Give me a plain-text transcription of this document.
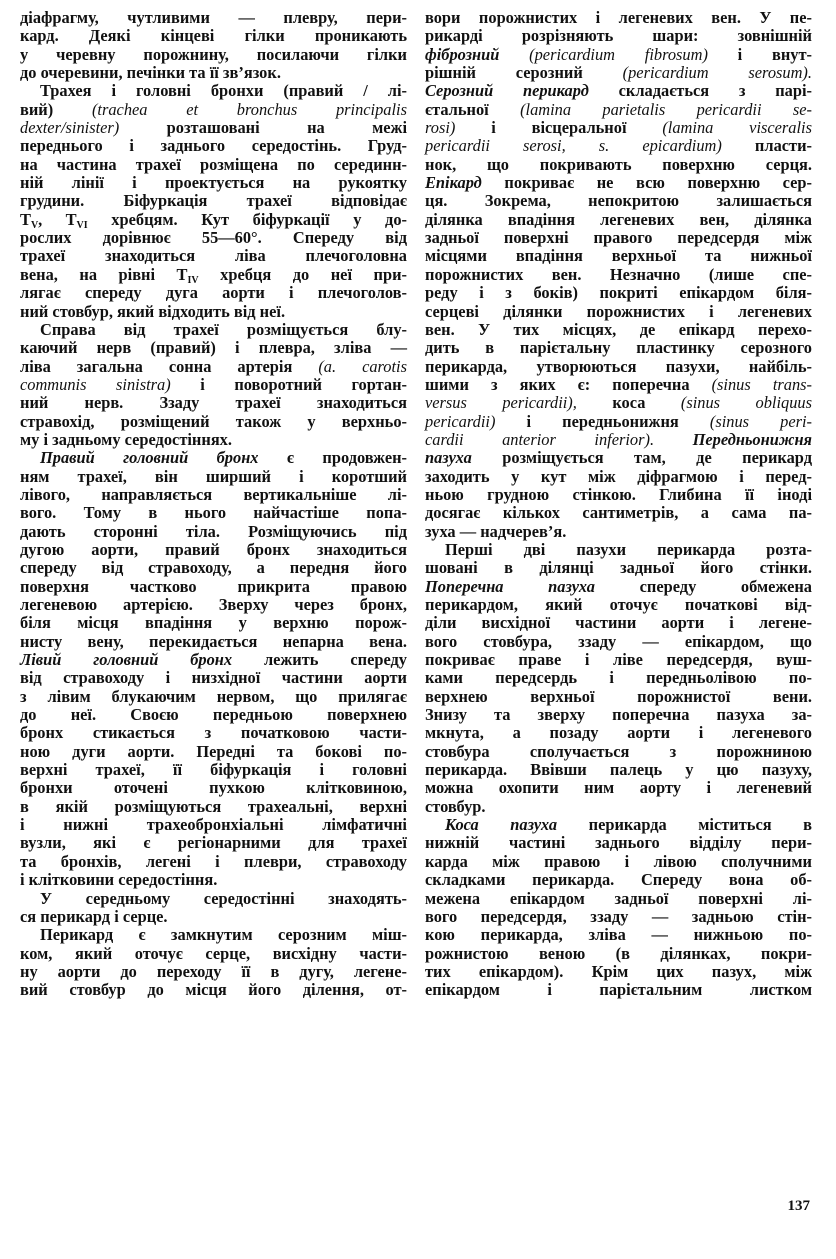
діафрагму, чутливими — плевру, пери-
кард. Деякі кінцеві гілки проникають
у черевну порожнину, посилаючи гілки
до очеревини, печінки та її зв’язок.
Трахея і головні бронхи (правий / лі-
вий) (trachea et bronchus principalis
dexter/sinister) розташовані на межі
переднього і заднього середостінь. Груд-
на частина трахеї розміщена по серединн-
ній лінії і проектується на рукоятку
грудини. Біфуркація трахеї відповідає
TV, TVI хребцям. Кут біфуркації у до-
рослих дорівнює 55—60°. Спереду від
трахеї знаходиться ліва плечоголовна
вена, на рівні TIV хребця до неї при-
лягає спереду дуга аорти і плечоголов-
ний стовбур, який відходить від неї.
Справа від трахеї розміщується блу-
каючий нерв (правий) і плевра, зліва —
ліва загальна сонна артерія (a. carotis
communis sinistra) і поворотний гортан-
ний нерв. Ззаду трахеї знаходиться
стравохід, розміщений також у верхньо-
му і задньому середостіннях.
Правий головний бронх є продовжен-
ням трахеї, він ширший і коротший
лівого, направляється вертикальніше лі-
вого. Тому в нього найчастіше попа-
дають сторонні тіла. Розміщуючись під
дугою аорти, правий бронх знаходиться
спереду від стравоходу, а передня його
поверхня частково прикрита правою
легеневою артерією. Зверху через бронх,
біля місця впадіння у верхню порож-
нисту вену, перекидається непарна вена.
Лівий головний бронх лежить спереду
від стравоходу і низхідної частини аорти
з лівим блукаючим нервом, що прилягає
до неї. Своєю передньою поверхнею
бронх стикається з початковою части-
ною дуги аорти. Передні та бокові по-
верхні трахеї, її біфуркація і головні
бронхи оточені пухкою клітковиною,
в якій розміщуються трахеальні, верхні
і нижні трахеобронхіальні лімфатичні
вузли, які є регіонарними для трахеї
та бронхів, легені і плеври, стравоходу
і клітковини середостіння.
У середньому середостінні знаходять-
ся перикард і серце.
Перикард є замкнутим серозним міш-
ком, який оточує серце, висхідну части-
ну аорти до переходу її в дугу, легене-
вий стовбур до місця його ділення, от-
вори порожнистих і легеневих вен. У пе-
рикарді розрізняють шари: зовнішній
фіброзний (pericardium fibrosum) і внут-
рішній серозний (pericardium serosum).
Серозний перикард складається з парі-
єтальної (lamina parietalis pericardii se-
rosi) і вісцеральної (lamina visceralis
pericardii serosi, s. epicardium) пласти-
нок, що покривають поверхню серця.
Епікард покриває не всю поверхню сер-
ця. Зокрема, непокритою залишається
ділянка впадіння легеневих вен, ділянка
задньої поверхні правого передсердя між
місцями впадіння верхньої та нижньої
порожнистих вен. Незначно (лише спе-
реду і з боків) покриті епікардом біля-
серцеві ділянки порожнистих і легеневих
вен. У тих місцях, де епікард перехо-
дить в парієтальну пластинку серозного
перикарда, утворюються пазухи, найбіль-
шими з яких є: поперечна (sinus trans-
versus pericardii), коса (sinus obliquus
pericardii) і передньонижня (sinus peri-
cardii anterior inferior). Передньонижня
пазуха розміщується там, де перикард
заходить у кут між діфрагмою і перед-
ньою грудною стінкою. Глибина її іноді
досягає кількох сантиметрів, а сама па-
зуха — надчерев’я.
Перші дві пазухи перикарда розта-
шовані в ділянці задньої його стінки.
Поперечна пазуха спереду обмежена
перикардом, який оточує початкові від-
діли висхідної частини аорти і легене-
вого стовбура, ззаду — епікардом, що
покриває праве і ліве передсердя, вуш-
ками передсердь і передньолівою по-
верхнею верхньої порожнистої вени.
Знизу та зверху поперечна пазуха за-
мкнута, а позаду аорти і легеневого
стовбура сполучається з порожниною
перикарда. Ввівши палець у цю пазуху,
можна охопити ним аорту і легеневий
стовбур.
Коса пазуха перикарда міститься в
нижній частині заднього відділу пери-
карда між правою і лівою сполучними
складками перикарда. Спереду вона об-
межена епікардом задньої поверхні лі-
вого передсердя, ззаду — задньою стін-
кою перикарда, зліва — нижньою по-
рожнистою веною (в ділянках, покри-
тих епікардом). Крім цих пазух, між
епікардом і парієтальним листком
137
